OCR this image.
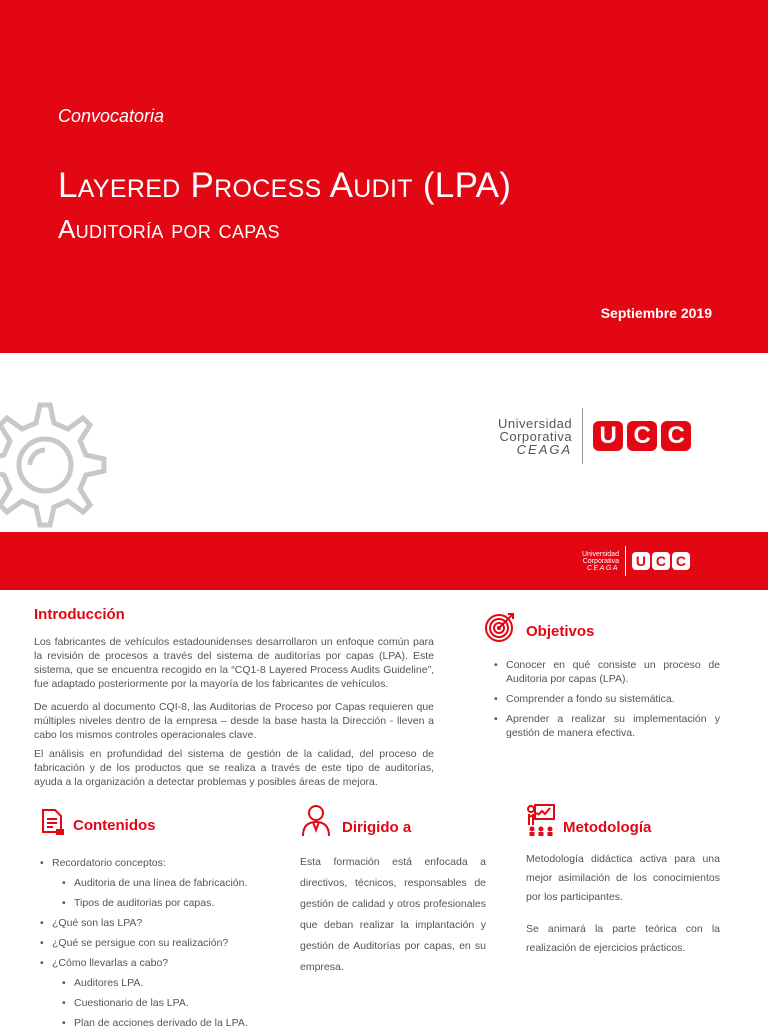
Convocatoria
Layered Process Audit (LPA)
Auditoría por capas
Septiembre 2019
Universidad
Corporativa
CEAGA U C C
Universidad
Corporativa
CEAGA U C C
Introducción

Los fabricantes de vehículos estadounidenses desarrollaron un enfoque común para la revisión de procesos a través del sistema de auditorías por capas (LPA). Este sistema, que se encuentra recogido en la “CQ1-8 Layered Process Audits Guideline”, fue adaptado posteriormente por la mayoría de los fabricantes de vehículos.

De acuerdo al documento CQI-8, las Auditorias de Proceso por Capas requieren que múltiples niveles dentro de la empresa – desde la base hasta la Dirección - lleven a cabo los mismos controles operacionales clave.

El análisis en profundidad del sistema de gestión de la calidad, del proceso de fabricación y de los productos que se realiza a través de este tipo de auditorías, ayuda a la organización a detectar problemas y posibles áreas de mejora.

Objetivos
• Conocer en qué consiste un proceso de Auditoria por capas (LPA).
• Comprender a fondo su sistemática.
• Aprender a realizar su implementación y gestión de manera efectiva.
Contenidos
• Recordatorio conceptos:
• Auditoria de una línea de fabricación.
• Tipos de auditorias por capas.
• ¿Qué son las LPA?
• ¿Qué se persigue con su realización?
• ¿Cómo llevarlas a cabo?
• Auditores LPA.
• Cuestionario de las LPA.
• Plan de acciones derivado de la LPA.
Dirigido a

Esta formación está enfocada a directivos, técnicos, responsables de gestión de calidad y otros profesionales que deban realizar la implantación y gestión de Auditorías por capas, en su empresa.

Metodología

Metodología didáctica activa para una mejor asimilación de los conocimientos por los participantes.

Se animará la parte teórica con la realización de ejercicios prácticos.
